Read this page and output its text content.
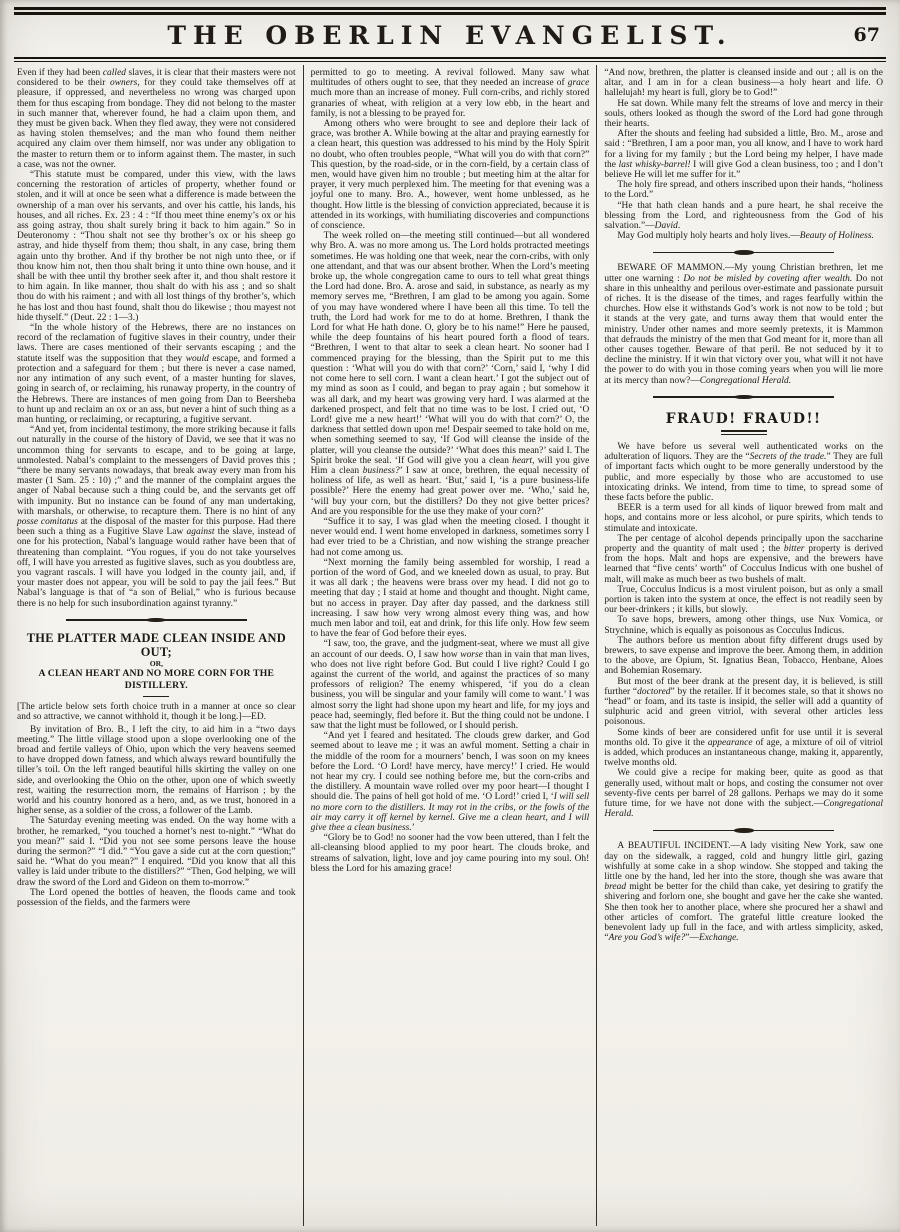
THE OBERLIN EVANGELIST.	67

Even if they had been called slaves, it is clear that their masters were not considered to be their owners, for they could take themselves off at pleasure, if oppressed, and nevertheless no wrong was charged upon them for thus escaping from bondage. They did not belong to the master in such manner that, wherever found, he had a claim upon them, and they must be given back. When they fled away, they were not considered as having stolen themselves; and the man who found them neither acquired any claim over them himself, nor was under any obligation to the master to return them or to inform against them. The master, in such a case, was not the owner.

“This statute must be compared, under this view, with the laws concerning the restoration of articles of property, whether found or stolen, and it will at once be seen what a difference is made between the ownership of a man over his servants, and over his cattle, his lands, his houses, and all riches. Ex. 23 : 4 : “If thou meet thine enemy’s ox or his ass going astray, thou shalt surely bring it back to him again.” So in Deuteronomy : “Thou shalt not see thy brother’s ox or his sheep go astray, and hide thyself from them; thou shalt, in any case, bring them again unto thy brother. And if thy brother be not nigh unto thee, or if thou know him not, then thou shalt bring it unto thine own house, and it shall be with thee until thy brother seek after it, and thou shalt restore it to him again. In like manner, thou shalt do with his ass ; and so shalt thou do with his raiment ; and with all lost things of thy brother’s, which he has lost and thou hast found, shalt thou do likewise ; thou mayest not hide thyself.” (Deut. 22 : 1—3.)

“In the whole history of the Hebrews, there are no instances on record of the reclamation of fugitive slaves in their country, under their laws. There are cases mentioned of their servants escaping ; and the statute itself was the supposition that they would escape, and formed a protection and a safeguard for them ; but there is never a case named, nor any intimation of any such event, of a master hunting for slaves, going in search of, or reclaiming, his runaway property, in the country of the Hebrews. There are instances of men going from Dan to Beersheba to hunt up and reclaim an ox or an ass, but never a hint of such thing as a man hunting, or reclaiming, or recapturing, a fugitive servant.

“And yet, from incidental testimony, the more striking because it falls out naturally in the course of the history of David, we see that it was no uncommon thing for servants to escape, and to be going at large, unmolested. Nabal’s complaint to the messengers of David proves this ; “there be many servants nowadays, that break away every man from his master (1 Sam. 25 : 10) ;” and the manner of the complaint argues the anger of Nabal because such a thing could be, and the servants get off with impunity. But no instance can be found of any man undertaking, with marshals, or otherwise, to recapture them. There is no hint of any posse comitatus at the disposal of the master for this purpose. Had there been such a thing as a Fugitive Slave Law against the slave, instead of one for his protection, Nabal’s language would rather have been that of threatening than complaint. “You rogues, if you do not take yourselves off, I will have you arrested as fugitive slaves, such as you doubtless are, you vagrant rascals. I will have you lodged in the county jail, and, if your master does not appear, you will be sold to pay the jail fees.” But Nabal’s language is that of “a son of Belial,” who is furious because there is no help for such insubordination against tyranny.”

THE PLATTER MADE CLEAN INSIDE AND OUT;
OR,
A CLEAN HEART AND NO MORE CORN FOR THE DISTILLERY.

[The article below sets forth choice truth in a manner at once so clear and so attractive, we cannot withhold it, though it be long.]—ED.

By invitation of Bro. B., I left the city, to aid him in a “two days meeting.” The little village stood upon a slope overlooking one of the broad and fertile valleys of Ohio, upon which the very heavens seemed to have dropped down fatness, and which always reward bountifully the tiller’s toil. On the left ranged beautiful hills skirting the valley on one side, and overlooking the Ohio on the other, upon one of which sweetly rest, waiting the resurrection morn, the remains of Harrison ; by the world and his country honored as a hero, and, as we trust, honored in a higher sense, as a soldier of the cross, a follower of the Lamb.

The Saturday evening meeting was ended. On the way home with a brother, he remarked, “you touched a hornet’s nest to-night.” “What do you mean?” said I. “Did you not see some persons leave the house during the sermon?” “I did.” “You gave a side cut at the corn question;” said he. “What do you mean?” I enquired. “Did you know that all this valley is laid under tribute to the distillers?” “Then, God helping, we will draw the sword of the Lord and Gideon on them to-morrow.”

The Lord opened the bottles of heaven, the floods came and took possession of the fields, and the farmers were

permitted to go to meeting. A revival followed. Many saw what multitudes of others ought to see, that they needed an increase of grace much more than an increase of money. Full corn-cribs, and richly stored granaries of wheat, with religion at a very low ebb, in the heart and family, is not a blessing to be prayed for.

Among others who were brought to see and deplore their lack of grace, was brother A. While bowing at the altar and praying earnestly for a clean heart, this question was addressed to his mind by the Holy Spirit no doubt, who often troubles people, “What will you do with that corn?” This question, by the road-side, or in the corn-field, by a certain class of men, would have given him no trouble ; but meeting him at the altar for prayer, it very much perplexed him. The meeting for that evening was a joyful one to many. Bro. A., however, went home unblessed, as he thought. How little is the blessing of conviction appreciated, because it is attended in its workings, with humiliating discoveries and compunctions of conscience.

The week rolled on—the meeting still continued—but all wondered why Bro. A. was no more among us. The Lord holds protracted meetings sometimes. He was holding one that week, near the corn-cribs, with only one attendant, and that was our absent brother. When the Lord’s meeting broke up, the whole congregation came to ours to tell what great things the Lord had done. Bro. A. arose and said, in substance, as nearly as my memory serves me, “Brethren, I am glad to be among you again. Some of you may have wondered where I have been all this time. To tell the truth, the Lord had work for me to do at home. Brethren, I thank the Lord for what He hath done. O, glory be to his name!” Here he paused, while the deep fountains of his heart poured forth a flood of tears. “Brethren, I went to that altar to seek a clean heart. No sooner had I commenced praying for the blessing, than the Spirit put to me this question : ‘What will you do with that corn?’ ‘Corn,’ said I, ‘why I did not come here to sell corn. I want a clean heart.’ I got the subject out of my mind as soon as I could, and began to pray again ; but somehow it was all dark, and my heart was growing very hard. I was alarmed at the darkened prospect, and felt that no time was to be lost. I cried out, ‘O Lord! give me a new heart!’ ‘What will you do with that corn?’ O, the darkness that settled down upon me! Despair seemed to take hold on me, when something seemed to say, ‘If God will cleanse the inside of the platter, will you cleanse the outside?’ ‘What does this mean?’ said I. The Spirit broke the seal. ‘If God will give you a clean heart, will you give Him a clean business?’ I saw at once, brethren, the equal necessity of holiness of life, as well as heart. ‘But,’ said I, ‘is a pure business-life possible?’ Here the enemy had great power over me. ‘Who,’ said he, ‘will buy your corn, but the distillers? Do they not give better prices? And are you responsible for the use they make of your corn?’

“Suffice it to say, I was glad when the meeting closed. I thought it never would end. I went home enveloped in darkness, sometimes sorry I had ever tried to be a Christian, and now wishing the strange preacher had not come among us.

“Next morning the family being assembled for worship, I read a portion of the word of God, and we kneeled down as usual, to pray. But it was all dark ; the heavens were brass over my head. I did not go to meeting that day ; I staid at home and thought and thought. Night came, but no access in prayer. Day after day passed, and the darkness still increasing. I saw how very wrong almost every thing was, and how much men labor and toil, eat and drink, for this life only. How few seem to have the fear of God before their eyes.

“I saw, too, the grave, and the judgment-seat, where we must all give an account of our deeds. O, I saw how worse than in vain that man lives, who does not live right before God. But could I live right? Could I go against the current of the world, and against the practices of so many professors of religion? The enemy whispered, ‘if you do a clean business, you will be singular and your family will come to want.’ I was almost sorry the light had shone upon my heart and life, for my joys and peace had, seemingly, fled before it. But the thing could not be undone. I saw that the light must be followed, or I should perish.

“And yet I feared and hesitated. The clouds grew darker, and God seemed about to leave me ; it was an awful moment. Setting a chair in the middle of the room for a mourners’ bench, I was soon on my knees before the Lord. ‘O Lord! have mercy, have mercy!’ I cried. He would not hear my cry. I could see nothing before me, but the corn-cribs and the distillery. A mountain wave rolled over my poor heart—I thought I should die. The pains of hell got hold of me. ‘O Lord!’ cried I, ‘I will sell no more corn to the distillers. It may rot in the cribs, or the fowls of the air may carry it off kernel by kernel. Give me a clean heart, and I will give thee a clean business.’

“Glory be to God! no sooner had the vow been uttered, than I felt the all-cleansing blood applied to my poor heart. The clouds broke, and streams of salvation, light, love and joy came pouring into my soul. Oh! bless the Lord for his amazing grace!

“And now, brethren, the platter is cleansed inside and out ; all is on the altar, and I am in for a clean business—a holy heart and life. O hallelujah! my heart is full, glory be to God!”

He sat down. While many felt the streams of love and mercy in their souls, others looked as though the sword of the Lord had gone through their hearts.

After the shouts and feeling had subsided a little, Bro. M., arose and said : “Brethren, I am a poor man, you all know, and I have to work hard for a living for my family ; but the Lord being my helper, I have made the last whisky-barrel! I will give God a clean business, too ; and I don’t believe He will let me suffer for it.”

The holy fire spread, and others inscribed upon their hands, “holiness to the Lord.”

“He that hath clean hands and a pure heart, he shal receive the blessing from the Lord, and righteousness from the God of his salvation.”—David.

May God multiply holy hearts and holy lives.—Beauty of Holiness.

BEWARE OF MAMMON.—My young Christian brethren, let me utter one warning : Do not be misled by coveting after wealth. Do not share in this unhealthy and perilous over-estimate and passionate pursuit of riches. It is the disease of the times, and rages fearfully within the churches. How else it withstands God’s work is not now to be told ; but it stands at the very gate, and turns away them that would enter the ministry. Under other names and more seemly pretexts, it is Mammon that defrauds the ministry of the men that God meant for it, more than all other causes together. Beware of that peril. Be not seduced by it to decline the ministry. If it win that victory over you, what will it not have the power to do with you in those coming years when you will lie more at its mercy than now?—Congregational Herald.

FRAUD! FRAUD!!

We have before us several well authenticated works on the adulteration of liquors. They are the “Secrets of the trade.” They are full of important facts which ought to be more generally understood by the public, and more especially by those who are accustomed to use intoxicating drinks. We intend, from time to time, to spread some of these facts before the public.

BEER is a term used for all kinds of liquor brewed from malt and hops, and contains more or less alcohol, or pure spirits, which tends to stimulate and intoxicate.

The per centage of alcohol depends principally upon the saccharine property and the quantity of malt used ; the bitter property is derived from the hops. Malt and hops are expensive, and the brewers have learned that “five cents’ worth” of Cocculus Indicus with one bushel of malt, will make as much beer as two bushels of malt.

True, Cocculus Indicus is a most virulent poison, but as only a small portion is taken into the system at once, the effect is not readily seen by our beer-drinkers ; it kills, but slowly.

To save hops, brewers, among other things, use Nux Vomica, or Strychnine, which is equally as poisonous as Cocculus Indicus.

The authors before us mention about fifty different drugs used by brewers, to save expense and improve the beer. Among them, in addition to the above, are Opium, St. Ignatius Bean, Tobacco, Henbane, Aloes and Bohemian Rosemary.

But most of the beer drank at the present day, it is believed, is still further “doctored” by the retailer. If it becomes stale, so that it shows no “head” or foam, and its taste is insipid, the seller will add a quantity of sulphuric acid and green vitriol, with several other articles less poisonous.

Some kinds of beer are considered unfit for use until it is several months old. To give it the appearance of age, a mixture of oil of vitriol is added, which produces an instantaneous change, making it, apparently, twelve months old.

We could give a recipe for making beer, quite as good as that generally used, without malt or hops, and costing the consumer not over seventy-five cents per barrel of 28 gallons. Perhaps we may do it some future time, for we have not done with the subject.—Congregational Herald.

A BEAUTIFUL INCIDENT.—A lady visiting New York, saw one day on the sidewalk, a ragged, cold and hungry little girl, gazing wishfully at some cake in a shop window. She stopped and taking the little one by the hand, led her into the store, though she was aware that bread might be better for the child than cake, yet desiring to gratify the shivering and forlorn one, she bought and gave her the cake she wanted. She then took her to another place, where she procured her a shawl and other articles of comfort. The grateful little creature looked the benevolent lady up full in the face, and with artless simplicity, asked, “Are you God’s wife?”—Exchange.
